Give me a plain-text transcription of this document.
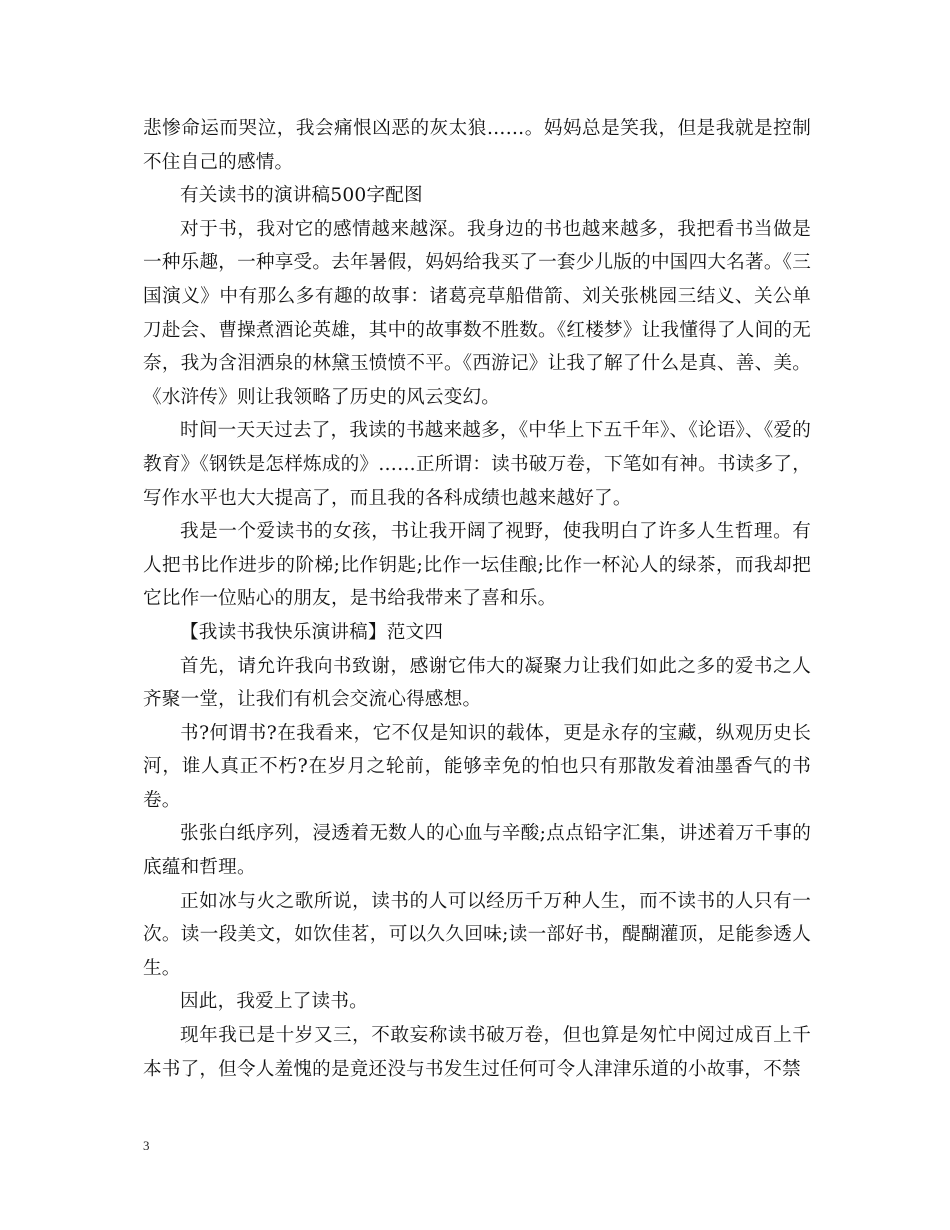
悲惨命运而哭泣，我会痛恨凶恶的灰太狼……。妈妈总是笑我，但是我就是控制不住自己的感情。

有关读书的演讲稿500字配图

对于书，我对它的感情越来越深。我身边的书也越来越多，我把看书当做是一种乐趣，一种享受。去年暑假，妈妈给我买了一套少儿版的中国四大名著。《三国演义》中有那么多有趣的故事：诸葛亮草船借箭、刘关张桃园三结义、关公单刀赴会、曹操煮酒论英雄，其中的故事数不胜数。《红楼梦》让我懂得了人间的无奈，我为含泪洒泉的林黛玉愤愤不平。《西游记》让我了解了什么是真、善、美。《水浒传》则让我领略了历史的风云变幻。

时间一天天过去了，我读的书越来越多，《中华上下五千年》、《论语》、《爱的教育》《钢铁是怎样炼成的》……正所谓：读书破万卷，下笔如有神。书读多了，写作水平也大大提高了，而且我的各科成绩也越来越好了。

我是一个爱读书的女孩，书让我开阔了视野，使我明白了许多人生哲理。有人把书比作进步的阶梯;比作钥匙;比作一坛佳酿;比作一杯沁人的绿茶，而我却把它比作一位贴心的朋友，是书给我带来了喜和乐。

【我读书我快乐演讲稿】范文四

首先，请允许我向书致谢，感谢它伟大的凝聚力让我们如此之多的爱书之人齐聚一堂，让我们有机会交流心得感想。

书?何谓书?在我看来，它不仅是知识的载体，更是永存的宝藏，纵观历史长河，谁人真正不朽?在岁月之轮前，能够幸免的怕也只有那散发着油墨香气的书卷。

张张白纸序列，浸透着无数人的心血与辛酸;点点铅字汇集，讲述着万千事的底蕴和哲理。

正如冰与火之歌所说，读书的人可以经历千万种人生，而不读书的人只有一次。读一段美文，如饮佳茗，可以久久回味;读一部好书，醍醐灌顶，足能参透人生。

因此，我爱上了读书。

现年我已是十岁又三，不敢妄称读书破万卷，但也算是匆忙中阅过成百上千本书了，但令人羞愧的是竟还没与书发生过任何可令人津津乐道的小故事，不禁

3
